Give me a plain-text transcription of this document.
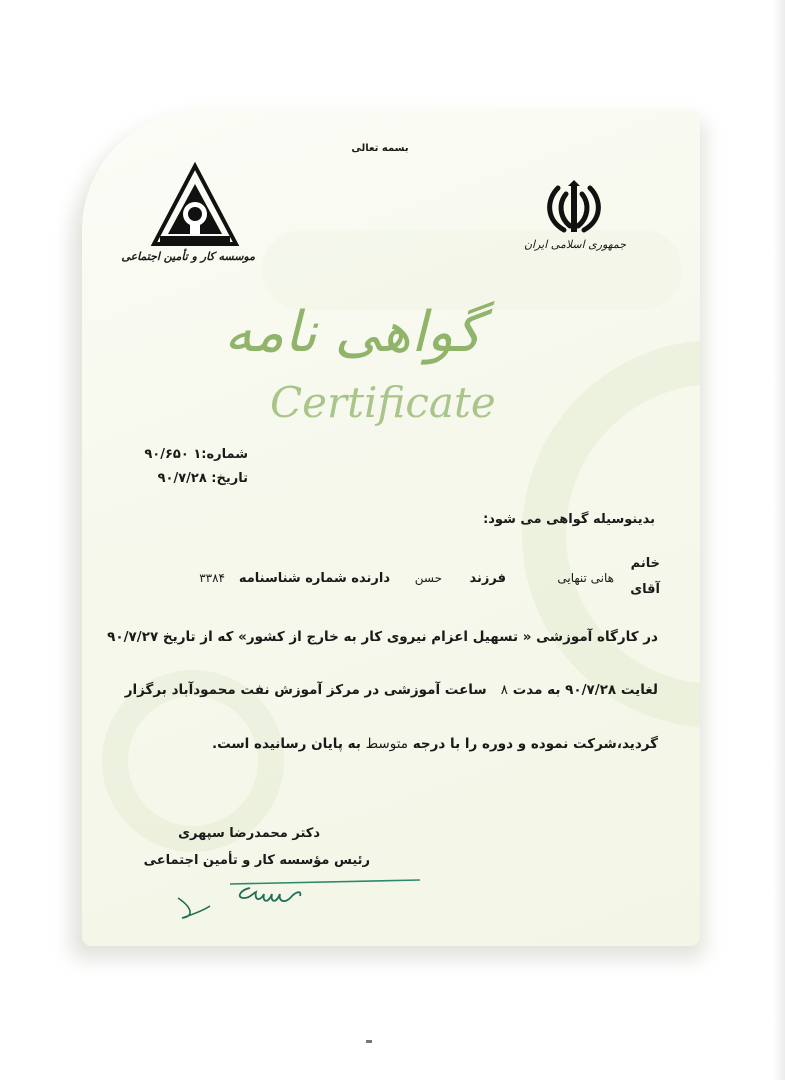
بسمه تعالی
جمهوری اسلامی ایران
موسسه کار و تأمین اجتماعی
گواهی نامه
Certificate
شماره:۱ ۹۰/۶۵۰
تاریخ: ۹۰/۷/۲۸
بدینوسیله گواهی می شود:
خانم
آقای
هانی تنهایی
فرزند
حسن
دارنده شماره شناسنامه
۳۳۸۴
در کارگاه آموزشی « تسهیل اعزام نیروی کار به خارج از کشور» که از تاریخ ۹۰/۷/۲۷
لغایت ۹۰/۷/۲۸ به مدت ۸   ساعت آموزشی در مرکز آموزش نفت محمودآباد برگزار
گردید،شرکت نموده و دوره را با درجه متوسط به پایان رسانیده است.
دکتر محمدرضا سپهری
رئیس مؤسسه کار و تأمین اجتماعی
